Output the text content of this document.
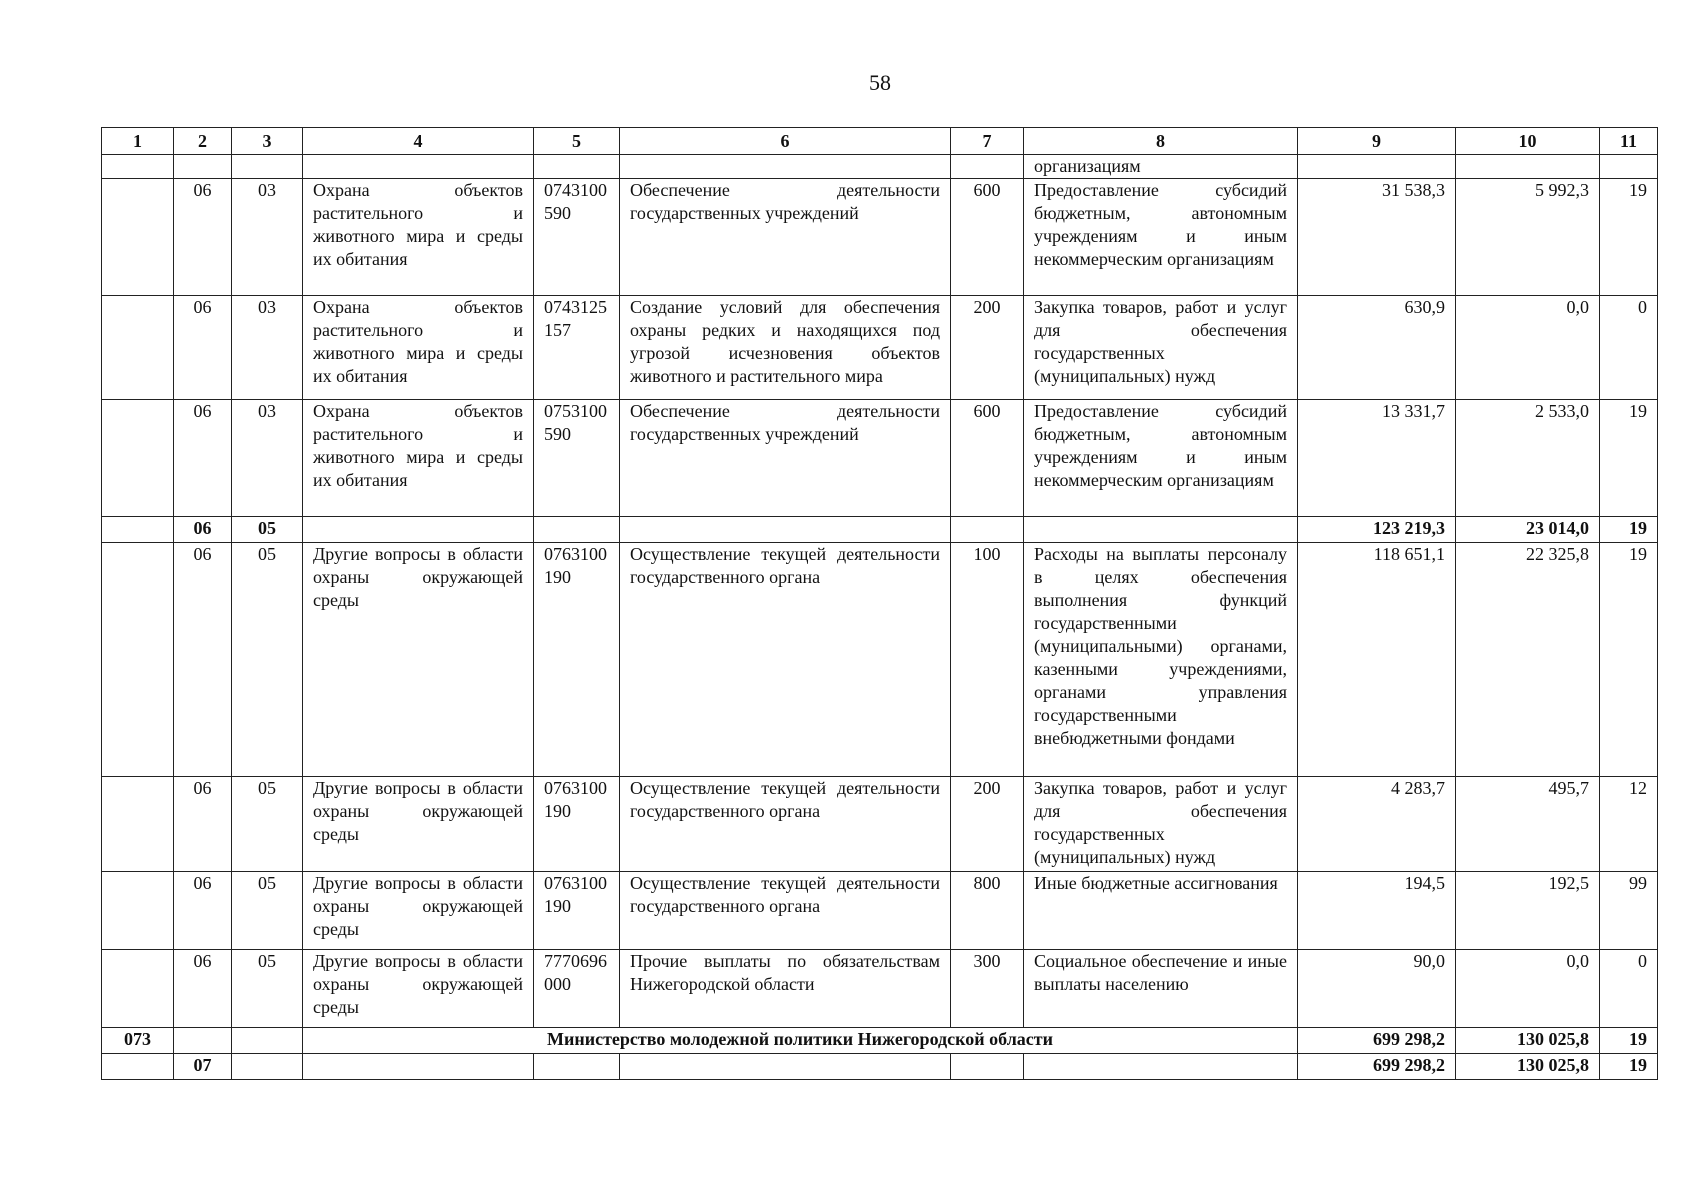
58
1	2	3	4	5	6	7	8	9	10	11
							организациям			
	06	03	Охрана объектов растительного и животного мира и среды их обитания	0743100590	Обеспечение деятельности государственных учреждений	600	Предоставление субсидий бюджетным, автономным учреждениям и иным некоммерческим организациям	31 538,3	5 992,3	19
	06	03	Охрана объектов растительного и животного мира и среды их обитания	0743125157	Создание условий для обеспечения охраны редких и находящихся под угрозой исчезновения объектов животного и растительного мира	200	Закупка товаров, работ и услуг для обеспечения государственных (муниципальных) нужд	630,9	0,0	0
	06	03	Охрана объектов растительного и животного мира и среды их обитания	0753100590	Обеспечение деятельности государственных учреждений	600	Предоставление субсидий бюджетным, автономным учреждениям и иным некоммерческим организациям	13 331,7	2 533,0	19
	06	05						123 219,3	23 014,0	19
	06	05	Другие вопросы в области охраны окружающей среды	0763100190	Осуществление текущей деятельности государственного органа	100	Расходы на выплаты персоналу в целях обеспечения выполнения функций государственными (муниципальными) органами, казенными учреждениями, органами управления государственными внебюджетными фондами	118 651,1	22 325,8	19
	06	05	Другие вопросы в области охраны окружающей среды	0763100190	Осуществление текущей деятельности государственного органа	200	Закупка товаров, работ и услуг для обеспечения государственных (муниципальных) нужд	4 283,7	495,7	12
	06	05	Другие вопросы в области охраны окружающей среды	0763100190	Осуществление текущей деятельности государственного органа	800	Иные бюджетные ассигнования	194,5	192,5	99
	06	05	Другие вопросы в области охраны окружающей среды	7770696000	Прочие выплаты по обязательствам Нижегородской области	300	Социальное обеспечение и иные выплаты населению	90,0	0,0	0
073			Министерство молодежной политики Нижегородской области					699 298,2	130 025,8	19
	07							699 298,2	130 025,8	19
